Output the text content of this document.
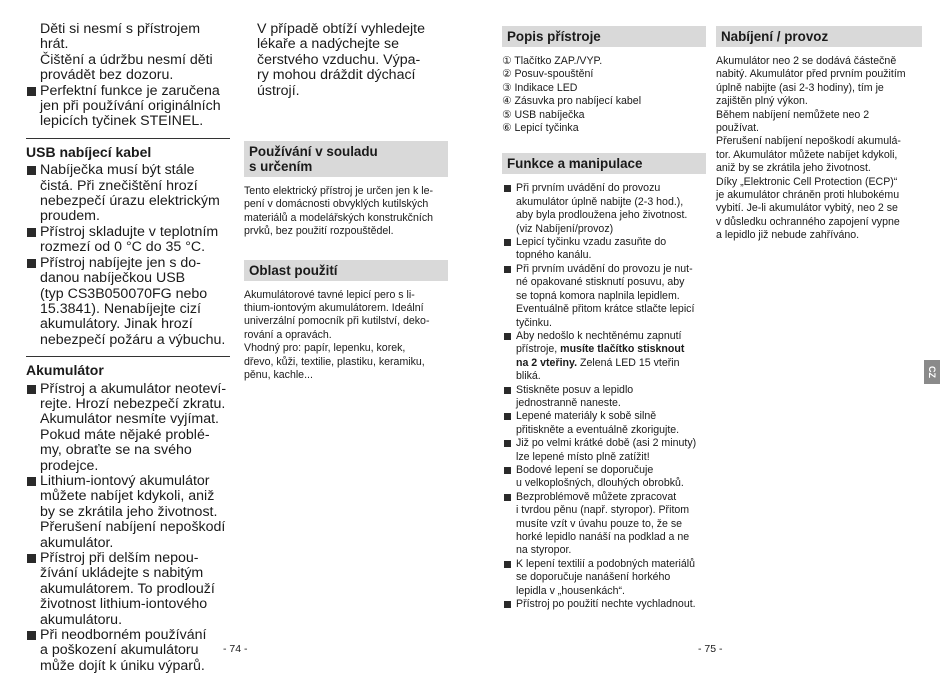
Děti si nesmí s přístrojem hrát.

Čištění a údržbu nesmí děti

provádět bez dozoru.

Perfektní funkce je zaručena

jen při používání originálních

lepicích tyčinek STEINEL.

USB nabíjecí kabel

Nabíječka musí být stále

čistá. Při znečištění hrozí

nebezpečí úrazu elektrickým

proudem.

Přístroj skladujte v teplotním

rozmezí od 0 °C do 35 °C.

Přístroj nabíjejte jen s do-

danou nabíječkou USB

(typ CS3B050070FG nebo

15.3841). Nenabíjejte cizí

akumulátory. Jinak hrozí

nebezpečí požáru a výbuchu.

Akumulátor

Přístroj a akumulátor neoteví-

rejte. Hrozí nebezpečí zkratu.

Akumulátor nesmíte vyjímat.

Pokud máte nějaké problé-

my, obraťte se na svého

prodejce.

Lithium-iontový akumulátor

můžete nabíjet kdykoli, aniž

by se zkrátila jeho životnost.

Přerušení nabíjení nepoškodí

akumulátor.

Přístroj při delším nepou-

žívání ukládejte s nabitým

akumulátorem. To prodlouží

životnost lithium-iontového

akumulátoru.

Při neodborném používání

a poškození akumulátoru

může dojít k úniku výparů.

V případě obtíží vyhledejte

lékaře a nadýchejte se

čerstvého vzduchu. Výpa-

ry mohou dráždit dýchací

ústrojí.

Používání v souladu

s určením

Tento elektrický přístroj je určen jen k le-

pení v domácnosti obvyklých kutilských

materiálů a modelářských konstrukčních

prvků, bez použití rozpouštědel.

Oblast použití

Akumulátorové tavné lepicí pero s li-

thium-iontovým akumulátorem. Ideální

univerzální pomocník při kutilství, deko-

rování a opravách.

Vhodný pro: papír, lepenku, korek,

dřevo, kůži, textilie, plastiku, keramiku,

pěnu, kachle...

- 74 -
Popis přístroje

① Tlačítko ZAP./VYP.

② Posuv-spouštění

③ Indikace LED

④ Zásuvka pro nabíjecí kabel

⑤ USB nabíječka

⑥ Lepicí tyčinka

Funkce a manipulace

Při prvním uvádění do provozu

akumulátor úplně nabijte (2-3 hod.),

aby byla prodloužena jeho životnost.

(viz Nabíjení/provoz)

Lepicí tyčinku vzadu zasuňte do

topného kanálu.

Při prvním uvádění do provozu je nut-

né opakované stisknutí posuvu, aby

se topná komora naplnila lepidlem.

Eventuálně přitom krátce stlačte lepicí

tyčinku.

Aby nedošlo k nechtěnému zapnutí

přístroje, musíte tlačítko stisknout

na 2 vteřiny. Zelená LED 15 vteřin

bliká.

Stiskněte posuv a lepidlo

jednostranně naneste.

Lepené materiály k sobě silně

přitiskněte a eventuálně zkorigujte.

Již po velmi krátké době (asi 2 minuty)

lze lepené místo plně zatížit!

Bodové lepení se doporučuje

u velkoplošných, dlouhých obrobků.

Bezproblémově můžete zpracovat

i tvrdou pěnu (např. styropor). Přitom

musíte vzít v úvahu pouze to, že se

horké lepidlo nanáší na podklad a ne

na styropor.

K lepení textilií a podobných materiálů

se doporučuje nanášení horkého

lepidla v „housenkách“.

Přístroj po použití nechte vychladnout.

Nabíjení / provoz

Akumulátor neo 2 se dodává částečně

nabitý. Akumulátor před prvním použitím

úplně nabijte (asi 2-3 hodiny), tím je

zajištěn plný výkon.

Během nabíjení nemůžete neo 2

používat.

Přerušení nabíjení nepoškodí akumulá-

tor. Akumulátor můžete nabíjet kdykoli,

aniž by se zkrátila jeho životnost.

Díky „Elektronic Cell Protection (ECP)“

je akumulátor chráněn proti hlubokému

vybití. Je-li akumulátor vybitý, neo 2 se

v důsledku ochranného zapojení vypne

a lepidlo již nebude zahříváno.

- 75 -
CZ
